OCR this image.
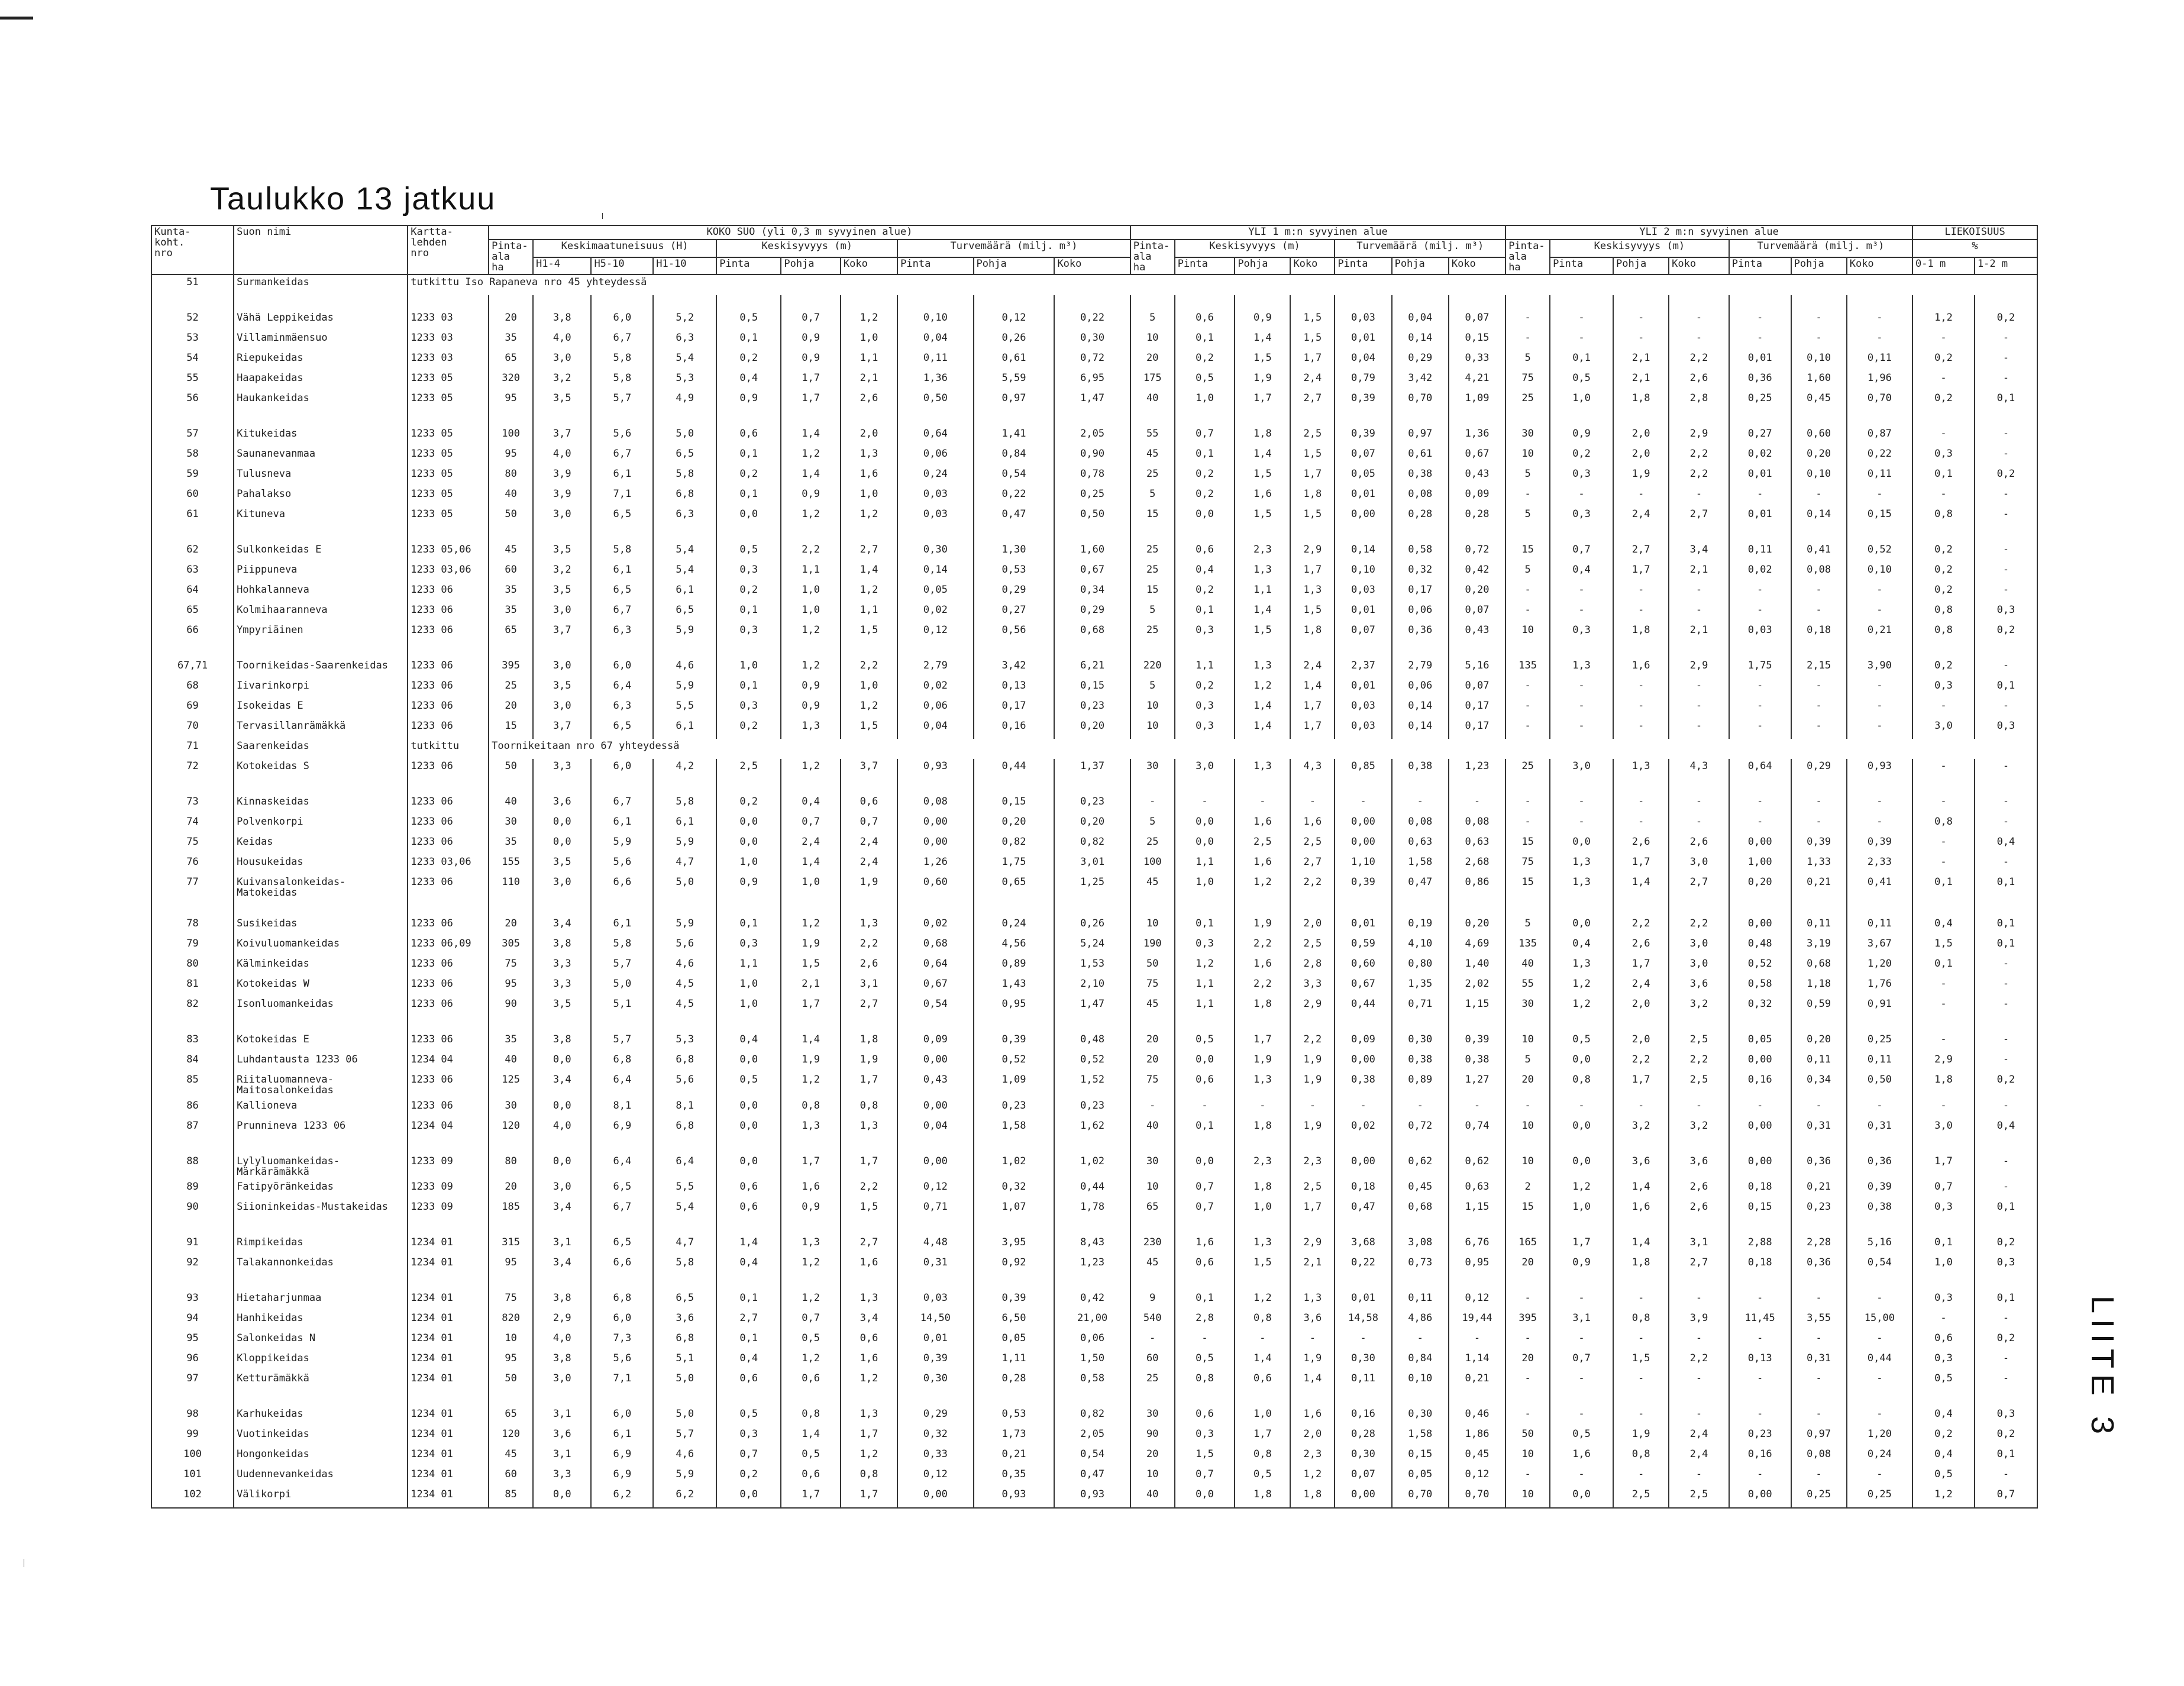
Taulukko 13 jatkuu
LIITE 3
Kunta-
koht.
nro	Suon nimi	Kartta-
lehden
nro	KOKO SUO (yli 0,3 m syvyinen alue)										YLI 1 m:n syvyinen alue							YLI 2 m:n syvyinen alue							LIEKOISUUS	
			Pinta-
ala
ha	Keskimaatuneisuus (H)			Keskisyvyys (m)			Turvemäärä (milj. m³)			Pinta-
ala
ha	Keskisyvyys (m)			Turvemäärä (milj. m³)			Pinta-
ala
ha	Keskisyvyys (m)			Turvemäärä (milj. m³)			%	
				H1-4	H5-10	H1-10	Pinta	Pohja	Koko	Pinta	Pohja	Koko		Pinta	Pohja	Koko	Pinta	Pohja	Koko		Pinta	Pohja	Koko	Pinta	Pohja	Koko	0-1 m	1-2 m
51	Surmankeidas	tutkittu Iso Rapaneva nro 45 yhteydessä																										
52	Vähä Leppikeidas	1233 03	20	3,8	6,0	5,2	0,5	0,7	1,2	0,10	0,12	0,22	5	0,6	0,9	1,5	0,03	0,04	0,07	-	-	-	-	-	-	-	1,2	0,2
53	Villaminmäensuo	1233 03	35	4,0	6,7	6,3	0,1	0,9	1,0	0,04	0,26	0,30	10	0,1	1,4	1,5	0,01	0,14	0,15	-	-	-	-	-	-	-	-	-
54	Riepukeidas	1233 03	65	3,0	5,8	5,4	0,2	0,9	1,1	0,11	0,61	0,72	20	0,2	1,5	1,7	0,04	0,29	0,33	5	0,1	2,1	2,2	0,01	0,10	0,11	0,2	-
55	Haapakeidas	1233 05	320	3,2	5,8	5,3	0,4	1,7	2,1	1,36	5,59	6,95	175	0,5	1,9	2,4	0,79	3,42	4,21	75	0,5	2,1	2,6	0,36	1,60	1,96	-	-
56	Haukankeidas	1233 05	95	3,5	5,7	4,9	0,9	1,7	2,6	0,50	0,97	1,47	40	1,0	1,7	2,7	0,39	0,70	1,09	25	1,0	1,8	2,8	0,25	0,45	0,70	0,2	0,1
57	Kitukeidas	1233 05	100	3,7	5,6	5,0	0,6	1,4	2,0	0,64	1,41	2,05	55	0,7	1,8	2,5	0,39	0,97	1,36	30	0,9	2,0	2,9	0,27	0,60	0,87	-	-
58	Saunanevanmaa	1233 05	95	4,0	6,7	6,5	0,1	1,2	1,3	0,06	0,84	0,90	45	0,1	1,4	1,5	0,07	0,61	0,67	10	0,2	2,0	2,2	0,02	0,20	0,22	0,3	-
59	Tulusneva	1233 05	80	3,9	6,1	5,8	0,2	1,4	1,6	0,24	0,54	0,78	25	0,2	1,5	1,7	0,05	0,38	0,43	5	0,3	1,9	2,2	0,01	0,10	0,11	0,1	0,2
60	Pahalakso	1233 05	40	3,9	7,1	6,8	0,1	0,9	1,0	0,03	0,22	0,25	5	0,2	1,6	1,8	0,01	0,08	0,09	-	-	-	-	-	-	-	-	-
61	Kituneva	1233 05	50	3,0	6,5	6,3	0,0	1,2	1,2	0,03	0,47	0,50	15	0,0	1,5	1,5	0,00	0,28	0,28	5	0,3	2,4	2,7	0,01	0,14	0,15	0,8	-
62	Sulkonkeidas E	1233 05,06	45	3,5	5,8	5,4	0,5	2,2	2,7	0,30	1,30	1,60	25	0,6	2,3	2,9	0,14	0,58	0,72	15	0,7	2,7	3,4	0,11	0,41	0,52	0,2	-
63	Piippuneva	1233 03,06	60	3,2	6,1	5,4	0,3	1,1	1,4	0,14	0,53	0,67	25	0,4	1,3	1,7	0,10	0,32	0,42	5	0,4	1,7	2,1	0,02	0,08	0,10	0,2	-
64	Hohkalanneva	1233 06	35	3,5	6,5	6,1	0,2	1,0	1,2	0,05	0,29	0,34	15	0,2	1,1	1,3	0,03	0,17	0,20	-	-	-	-	-	-	-	0,2	-
65	Kolmihaaranneva	1233 06	35	3,0	6,7	6,5	0,1	1,0	1,1	0,02	0,27	0,29	5	0,1	1,4	1,5	0,01	0,06	0,07	-	-	-	-	-	-	-	0,8	0,3
66	Ympyriäinen	1233 06	65	3,7	6,3	5,9	0,3	1,2	1,5	0,12	0,56	0,68	25	0,3	1,5	1,8	0,07	0,36	0,43	10	0,3	1,8	2,1	0,03	0,18	0,21	0,8	0,2
67,71	Toornikeidas-Saarenkeidas	1233 06	395	3,0	6,0	4,6	1,0	1,2	2,2	2,79	3,42	6,21	220	1,1	1,3	2,4	2,37	2,79	5,16	135	1,3	1,6	2,9	1,75	2,15	3,90	0,2	-
68	Iivarinkorpi	1233 06	25	3,5	6,4	5,9	0,1	0,9	1,0	0,02	0,13	0,15	5	0,2	1,2	1,4	0,01	0,06	0,07	-	-	-	-	-	-	-	0,3	0,1
69	Isokeidas E	1233 06	20	3,0	6,3	5,5	0,3	0,9	1,2	0,06	0,17	0,23	10	0,3	1,4	1,7	0,03	0,14	0,17	-	-	-	-	-	-	-	-	-
70	Tervasillanrämäkkä	1233 06	15	3,7	6,5	6,1	0,2	1,3	1,5	0,04	0,16	0,20	10	0,3	1,4	1,7	0,03	0,14	0,17	-	-	-	-	-	-	-	3,0	0,3
71	Saarenkeidas	tutkittu	Toornikeitaan nro 67 yhteydessä																									
72	Kotokeidas S	1233 06	50	3,3	6,0	4,2	2,5	1,2	3,7	0,93	0,44	1,37	30	3,0	1,3	4,3	0,85	0,38	1,23	25	3,0	1,3	4,3	0,64	0,29	0,93	-	-
73	Kinnaskeidas	1233 06	40	3,6	6,7	5,8	0,2	0,4	0,6	0,08	0,15	0,23	-	-	-	-	-	-	-	-	-	-	-	-	-	-	-	-
74	Polvenkorpi	1233 06	30	0,0	6,1	6,1	0,0	0,7	0,7	0,00	0,20	0,20	5	0,0	1,6	1,6	0,00	0,08	0,08	-	-	-	-	-	-	-	0,8	-
75	Keidas	1233 06	35	0,0	5,9	5,9	0,0	2,4	2,4	0,00	0,82	0,82	25	0,0	2,5	2,5	0,00	0,63	0,63	15	0,0	2,6	2,6	0,00	0,39	0,39	-	0,4
76	Housukeidas	1233 03,06	155	3,5	5,6	4,7	1,0	1,4	2,4	1,26	1,75	3,01	100	1,1	1,6	2,7	1,10	1,58	2,68	75	1,3	1,7	3,0	1,00	1,33	2,33	-	-
77	Kuivansalonkeidas-Matokeidas	1233 06	110	3,0	6,6	5,0	0,9	1,0	1,9	0,60	0,65	1,25	45	1,0	1,2	2,2	0,39	0,47	0,86	15	1,3	1,4	2,7	0,20	0,21	0,41	0,1	0,1
78	Susikeidas	1233 06	20	3,4	6,1	5,9	0,1	1,2	1,3	0,02	0,24	0,26	10	0,1	1,9	2,0	0,01	0,19	0,20	5	0,0	2,2	2,2	0,00	0,11	0,11	0,4	0,1
79	Koivuluomankeidas	1233 06,09	305	3,8	5,8	5,6	0,3	1,9	2,2	0,68	4,56	5,24	190	0,3	2,2	2,5	0,59	4,10	4,69	135	0,4	2,6	3,0	0,48	3,19	3,67	1,5	0,1
80	Kälminkeidas	1233 06	75	3,3	5,7	4,6	1,1	1,5	2,6	0,64	0,89	1,53	50	1,2	1,6	2,8	0,60	0,80	1,40	40	1,3	1,7	3,0	0,52	0,68	1,20	0,1	-
81	Kotokeidas W	1233 06	95	3,3	5,0	4,5	1,0	2,1	3,1	0,67	1,43	2,10	75	1,1	2,2	3,3	0,67	1,35	2,02	55	1,2	2,4	3,6	0,58	1,18	1,76	-	-
82	Isonluomankeidas	1233 06	90	3,5	5,1	4,5	1,0	1,7	2,7	0,54	0,95	1,47	45	1,1	1,8	2,9	0,44	0,71	1,15	30	1,2	2,0	3,2	0,32	0,59	0,91	-	-
83	Kotokeidas E	1233 06	35	3,8	5,7	5,3	0,4	1,4	1,8	0,09	0,39	0,48	20	0,5	1,7	2,2	0,09	0,30	0,39	10	0,5	2,0	2,5	0,05	0,20	0,25	-	-
84	Luhdantausta 1233 06	1234 04	40	0,0	6,8	6,8	0,0	1,9	1,9	0,00	0,52	0,52	20	0,0	1,9	1,9	0,00	0,38	0,38	5	0,0	2,2	2,2	0,00	0,11	0,11	2,9	-
85	Riitaluomanneva-Maitosalonkeidas	1233 06	125	3,4	6,4	5,6	0,5	1,2	1,7	0,43	1,09	1,52	75	0,6	1,3	1,9	0,38	0,89	1,27	20	0,8	1,7	2,5	0,16	0,34	0,50	1,8	0,2
86	Kallioneva	1233 06	30	0,0	8,1	8,1	0,0	0,8	0,8	0,00	0,23	0,23	-	-	-	-	-	-	-	-	-	-	-	-	-	-	-	-
87	Prunnineva 1233 06	1234 04	120	4,0	6,9	6,8	0,0	1,3	1,3	0,04	1,58	1,62	40	0,1	1,8	1,9	0,02	0,72	0,74	10	0,0	3,2	3,2	0,00	0,31	0,31	3,0	0,4
88	Lylyluomankeidas-Märkärämäkkä	1233 09	80	0,0	6,4	6,4	0,0	1,7	1,7	0,00	1,02	1,02	30	0,0	2,3	2,3	0,00	0,62	0,62	10	0,0	3,6	3,6	0,00	0,36	0,36	1,7	-
89	Fatipyöränkeidas	1233 09	20	3,0	6,5	5,5	0,6	1,6	2,2	0,12	0,32	0,44	10	0,7	1,8	2,5	0,18	0,45	0,63	2	1,2	1,4	2,6	0,18	0,21	0,39	0,7	-
90	Siioninkeidas-Mustakeidas	1233 09	185	3,4	6,7	5,4	0,6	0,9	1,5	0,71	1,07	1,78	65	0,7	1,0	1,7	0,47	0,68	1,15	15	1,0	1,6	2,6	0,15	0,23	0,38	0,3	0,1
91	Rimpikeidas	1234 01	315	3,1	6,5	4,7	1,4	1,3	2,7	4,48	3,95	8,43	230	1,6	1,3	2,9	3,68	3,08	6,76	165	1,7	1,4	3,1	2,88	2,28	5,16	0,1	0,2
92	Talakannonkeidas	1234 01	95	3,4	6,6	5,8	0,4	1,2	1,6	0,31	0,92	1,23	45	0,6	1,5	2,1	0,22	0,73	0,95	20	0,9	1,8	2,7	0,18	0,36	0,54	1,0	0,3
93	Hietaharjunmaa	1234 01	75	3,8	6,8	6,5	0,1	1,2	1,3	0,03	0,39	0,42	9	0,1	1,2	1,3	0,01	0,11	0,12	-	-	-	-	-	-	-	0,3	0,1
94	Hanhikeidas	1234 01	820	2,9	6,0	3,6	2,7	0,7	3,4	14,50	6,50	21,00	540	2,8	0,8	3,6	14,58	4,86	19,44	395	3,1	0,8	3,9	11,45	3,55	15,00	-	-
95	Salonkeidas N	1234 01	10	4,0	7,3	6,8	0,1	0,5	0,6	0,01	0,05	0,06	-	-	-	-	-	-	-	-	-	-	-	-	-	-	0,6	0,2
96	Kloppikeidas	1234 01	95	3,8	5,6	5,1	0,4	1,2	1,6	0,39	1,11	1,50	60	0,5	1,4	1,9	0,30	0,84	1,14	20	0,7	1,5	2,2	0,13	0,31	0,44	0,3	-
97	Ketturämäkkä	1234 01	50	3,0	7,1	5,0	0,6	0,6	1,2	0,30	0,28	0,58	25	0,8	0,6	1,4	0,11	0,10	0,21	-	-	-	-	-	-	-	0,5	-
98	Karhukeidas	1234 01	65	3,1	6,0	5,0	0,5	0,8	1,3	0,29	0,53	0,82	30	0,6	1,0	1,6	0,16	0,30	0,46	-	-	-	-	-	-	-	0,4	0,3
99	Vuotinkeidas	1234 01	120	3,6	6,1	5,7	0,3	1,4	1,7	0,32	1,73	2,05	90	0,3	1,7	2,0	0,28	1,58	1,86	50	0,5	1,9	2,4	0,23	0,97	1,20	0,2	0,2
100	Hongonkeidas	1234 01	45	3,1	6,9	4,6	0,7	0,5	1,2	0,33	0,21	0,54	20	1,5	0,8	2,3	0,30	0,15	0,45	10	1,6	0,8	2,4	0,16	0,08	0,24	0,4	0,1
101	Uudennevankeidas	1234 01	60	3,3	6,9	5,9	0,2	0,6	0,8	0,12	0,35	0,47	10	0,7	0,5	1,2	0,07	0,05	0,12	-	-	-	-	-	-	-	0,5	-
102	Välikorpi	1234 01	85	0,0	6,2	6,2	0,0	1,7	1,7	0,00	0,93	0,93	40	0,0	1,8	1,8	0,00	0,70	0,70	10	0,0	2,5	2,5	0,00	0,25	0,25	1,2	0,7
